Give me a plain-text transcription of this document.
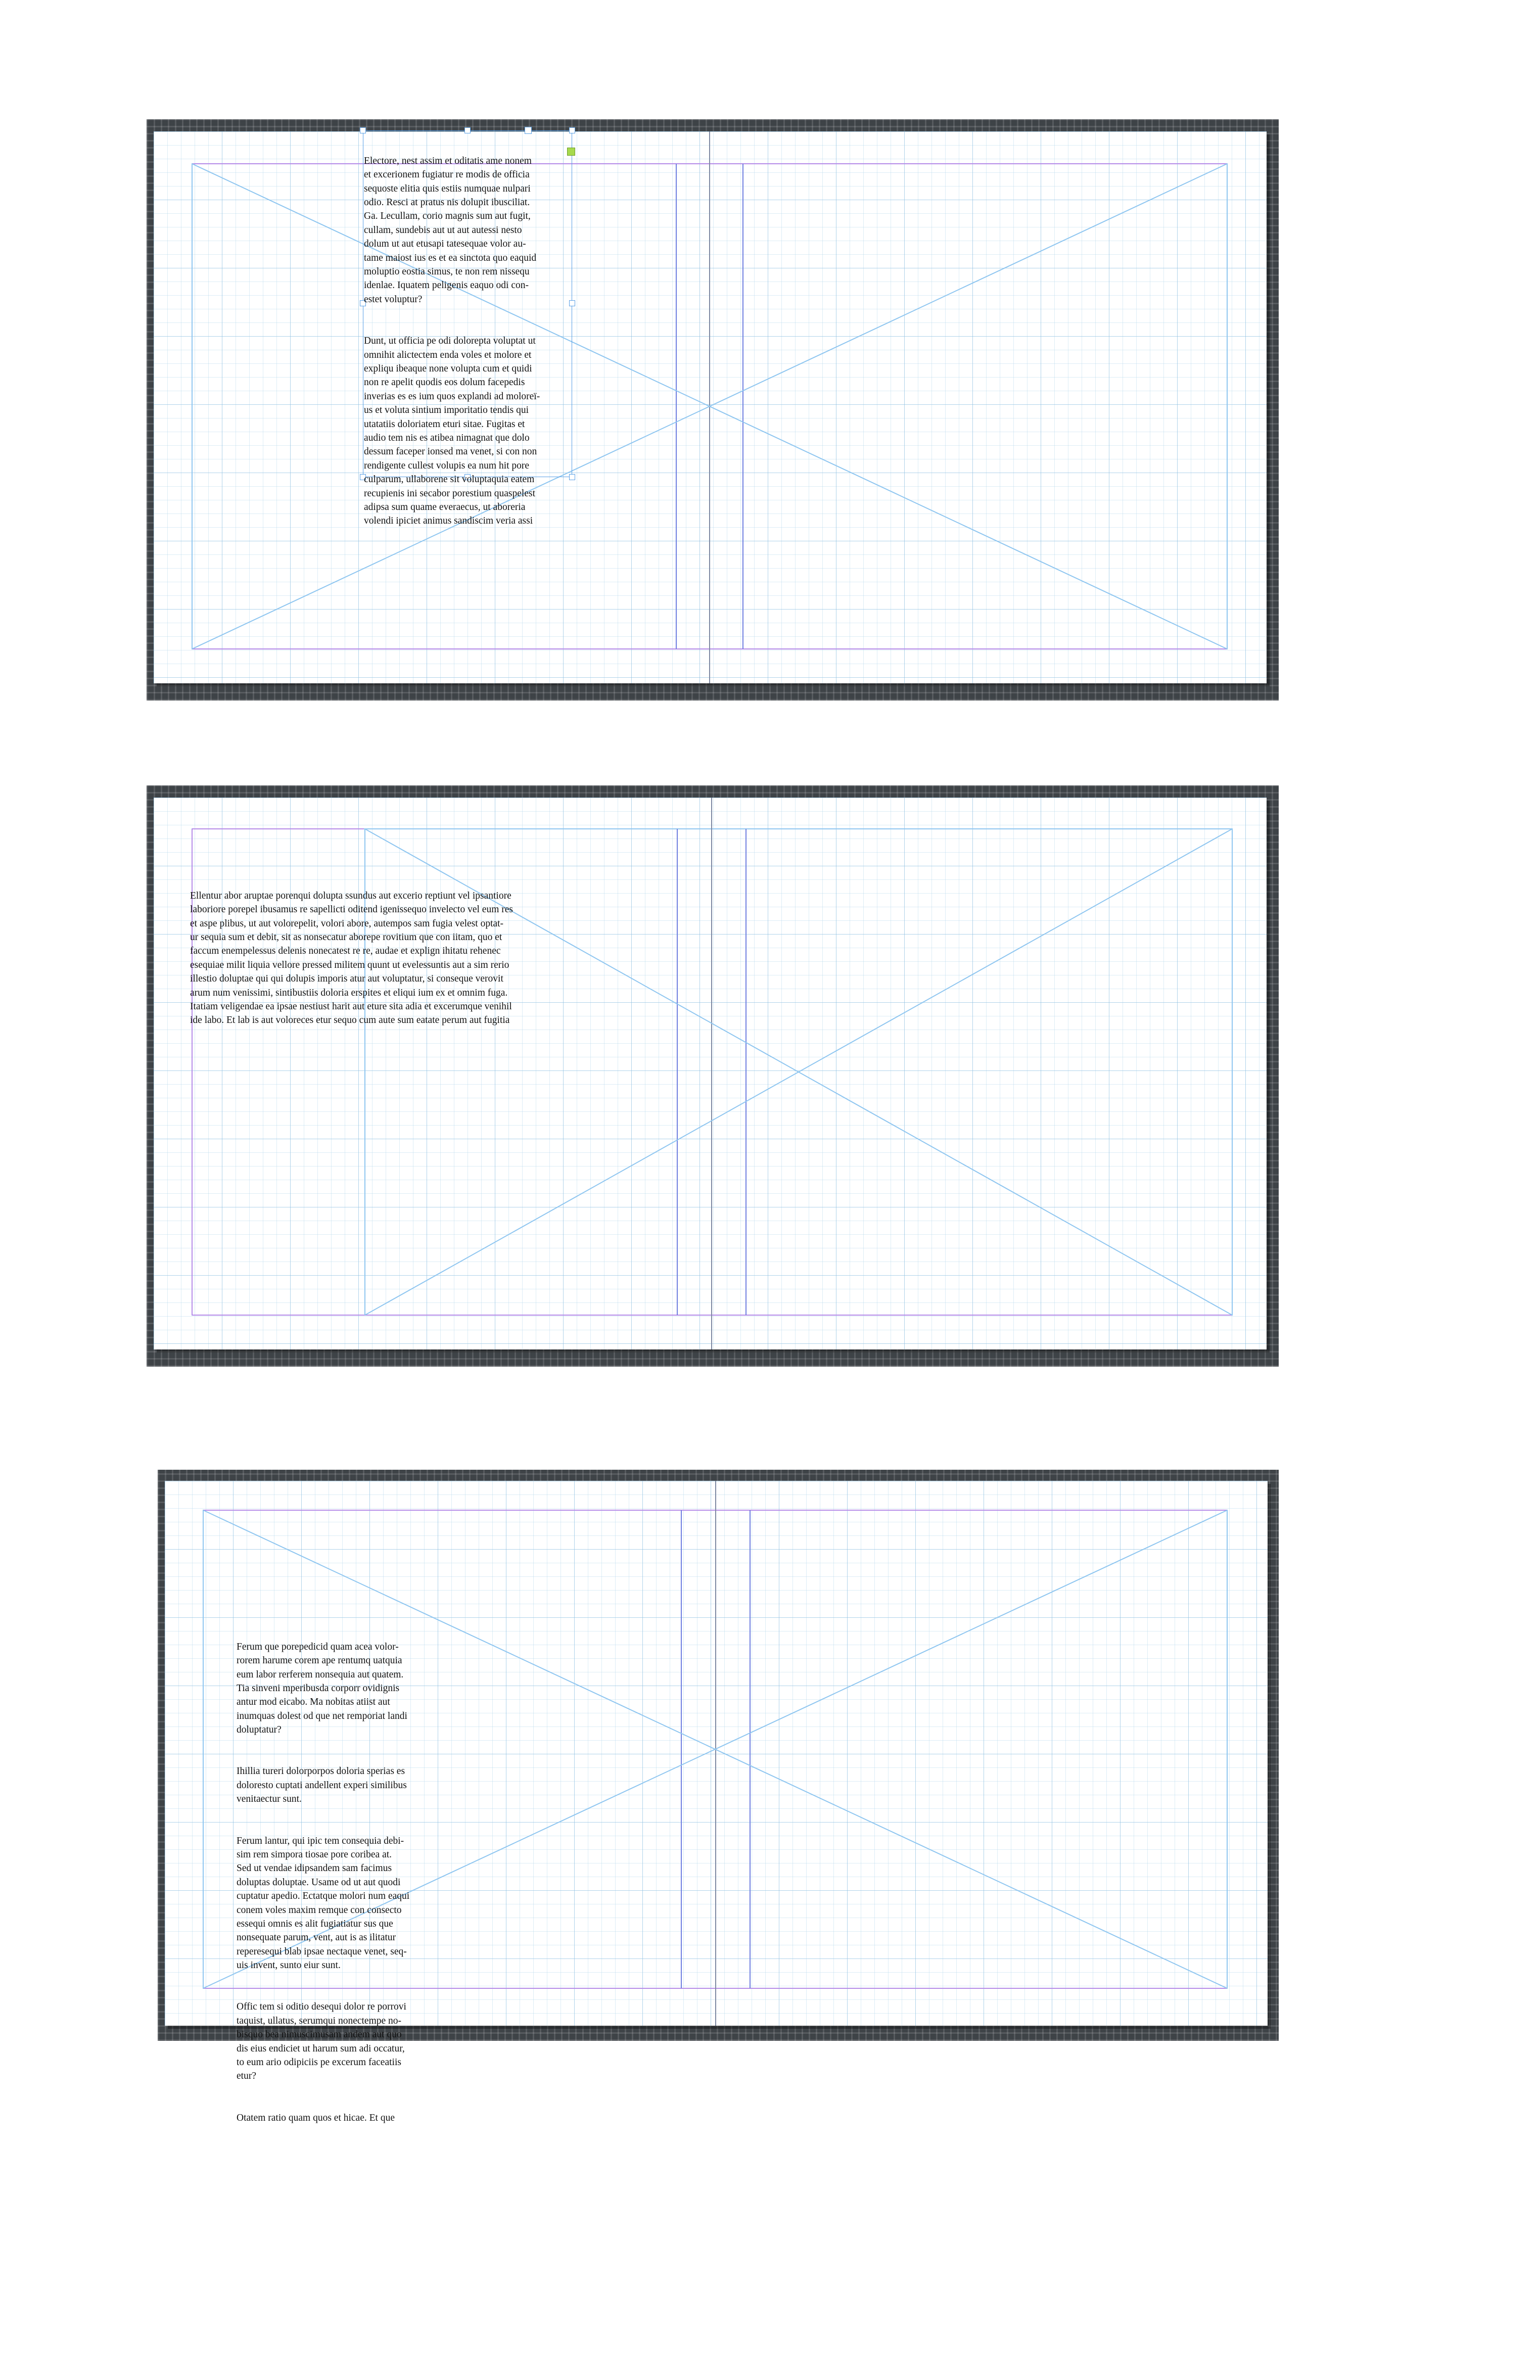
Electore, nest assim et oditatis ame nonem
et excerionem fugiatur re modis de officia
sequoste elitia quis estiis numquae nulpari
odio. Resci at pratus nis dolupit ibusciliat.
Ga. Lecullam, corio magnis sum aut fugit,
cullam, sundebis aut ut aut autessi nesto
dolum ut aut etusapi tatesequae volor au-
tame maiost ius es et ea sinctota quo eaquid
moluptio eostia simus, te non rem nissequ
idenlae. Iquatem peligenis eaquo odi con-
estet voluptur?

Dunt, ut officia pe odi dolorepta voluptat ut
omnihit alictectem enda voles et molore et
expliqu ibeaque none volupta cum et quidi
non re apelit quodis eos dolum facepedis
inverias es es ium quos explandi ad moloreï-
us et voluta sintium imporitatio tendis qui
utatatiis doloriatem eturi sitae. Fugitas et
audio tem nis es atibea nimagnat que dolo
dessum faceper ionsed ma venet, si con non
rendigente cullest volupis ea num hit pore
culparum, ullaborene sit voluptaquia eatem
recupienis ini secabor porestium quaspelest
adipsa sum quame everaecus, ut aboreria
volendi ipiciet animus sandiscim veria assi

Ellentur abor aruptae porenqui dolupta ssundus aut excerio reptiunt vel ipsantiore
laboriore porepel ibusamus re sapellicti oditend igenissequo invelecto vel eum res
et aspe plibus, ut aut volorepelit, volori abore, autempos sam fugia velest optat-
ur sequia sum et debit, sit as nonsecatur aborepe rovitium que con iitam, quo et
faccum enempelessus delenis nonecatest re re, audae et explign ihitatu rehenec
esequiae milit liquia vellore pressed militem quunt ut evelessuntis aut a sim rerio
illestio doluptae qui qui dolupis imporis atur aut voluptatur, si conseque verovit
arum num venissimi, sintibustiis doloria erspites et eliqui ium ex et omnim fuga.
Itatiam veligendae ea ipsae nestiust harit aut eture sita adia et excerumque venihil
ide labo. Et lab is aut voloreces etur sequo cum aute sum eatate perum aut fugitia

Ferum que porepedicid quam acea volor-
rorem harume corem ape rentumq uatquia
eum labor rerferem nonsequia aut quatem.
Tia sinveni mperibusda corporr ovidignis
antur mod eicabo. Ma nobitas atiist aut
inumquas dolest od que net remporiat landi
doluptatur?

Ihillia tureri dolorporpos doloria sperias es
doloresto cuptati andellent experi similibus
venitaectur sunt.

Ferum lantur, qui ipic tem consequia debi-
sim rem simpora tiosae pore coribea at.
Sed ut vendae idipsandem sam facimus
doluptas doluptae. Usame od ut aut quodi
cuptatur apedio. Ectatque molori num eaqui
conem voles maxim remque con consecto
essequi omnis es alit fugiatiatur sus que
nonsequate parum, vent, aut is as ilitatur
reperesequi blab ipsae nectaque venet, seq-
uis invent, sunto eiur sunt.

Offic tem si oditio desequi dolor re porrovi
taquist, ullatus, serumqui nonectempe no-
bisquo bea nimuscimusam andem aut quo
dis eius endiciet ut harum sum adi occatur,
to eum ario odipiciis pe excerum faceatiis
etur?

Otatem ratio quam quos et hicae. Et que
